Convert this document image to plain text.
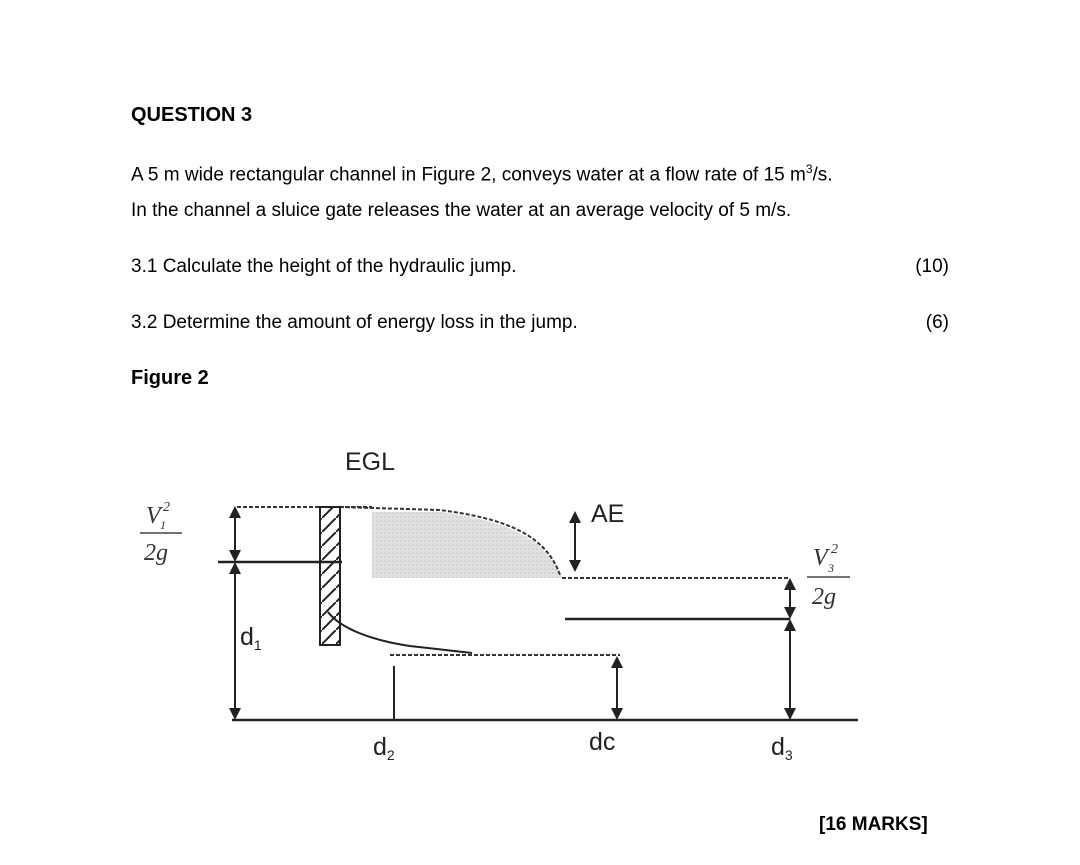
QUESTION 3
A 5 m wide rectangular channel in Figure 2, conveys water at a flow rate of 15 $m^3/s$.
In the channel a sluice gate releases the water at an average velocity of 5 m/s.
3.1 Calculate the height of the hydraulic jump.	(10)
3.2 Determine the amount of energy loss in the jump.	(6)
Figure 2
EGL
AE
$d_1$
$d_2$	dc	$d_3$
V 2
1
2g	V 2
3
2g
[16 MARKS]
